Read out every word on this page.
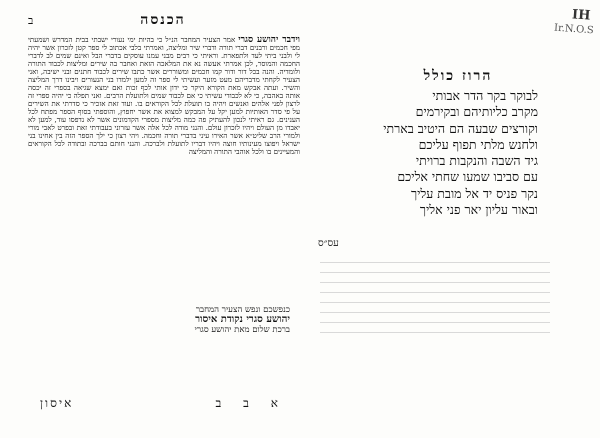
ב	הכנסה

וידבר יהושע סגרי אמר הצעיר המחבר הנ״ל כי בהיות ימי נעורי ישבתי בבית המדרש ושמעתי מפי חכמים ורבנים דברי תורה ודברי שיר ומליצה, ואמרתי בלבי אכתוב לי ספר קטן לזכרון אשר יהיה לי ולבני ביתי לעד ולתפארת. וראיתי כי רבים מבני עמנו עוסקים בדברי הבל ואינם שמים לב לדברי החכמה והמוסר, לכן אמרתי אעשה נא את המלאכה הזאת ואחבר בה שירים ומליצות לכבוד התורה ולומדיה. והנה בכל דור ודור קמו חכמים ומשוררים אשר כתבו שירים לכבוד חתנים ובני ישיבה, ואני הצעיר לקחתי מדבריהם מעט מזער ועשיתי לי ספר זה למען ילמדו בני הנעורים ויבינו דרך המליצה והשיר. ועתה אבקש מאת הקורא היקר כי ידון אותי לכף זכות ואם ימצא שגיאה בספרי זה יכסה אותה באהבה, כי לא לכבודי עשיתי כי אם לכבוד שמים ולתועלת הרבים. ואני תפלה כי יהיה ספרי זה לרצון לפני אלהים ואנשים ויהיה בו תועלת לכל הקוראים בו. ועוד זאת אזכיר כי סדרתי את השירים על פי סדר האותיות למען יקל על המבקש למצוא את אשר יחפוץ, והוספתי בסוף הספר מפתח לכל הענינים. גם ראיתי לנכון להעתיק פה כמה מליצות מספרי הקדמונים אשר לא נדפסו עוד, למען לא יאבדו מן העולם ויהיו לזכרון עולם. והנני מודה לכל אלה אשר עזרוני בעבודתי זאת ובפרט לאבי מורי ולמורי הרב שליט״א אשר האירו עיני בדברי תורה וחכמה. ויהי רצון כי ילך הספר הזה בין אחינו בני ישראל ויפוצו מעינותיו חוצה ויהיו דבריו לתועלת ולברכה. והנני חותם בברכה ובתודה לכל הקוראים והמעיינים בו ולכל אוהבי התורה והמליצה

כנפשכם ונפש הצעיר המחבר
יהושע סגרי נקודת איסור
ברכת שלום מאת יהושע סגרי
איסון	א ב ב
IH
Ir.N.O.S
הרוז כולל
לבוקר בקר הדר אבותי
מקרב כליותיהם ובקירמים
וקורצים שבעה הם היטיב בארתי
ולחנש מלתי תפוף עליכם
גיד השבה והנקבות ברויתי
עם סביבו שמעו שחתי אליכם
נקר פניס יד אל מובת עליך
ובאור עליון יאר פני אליך
עס״ס
